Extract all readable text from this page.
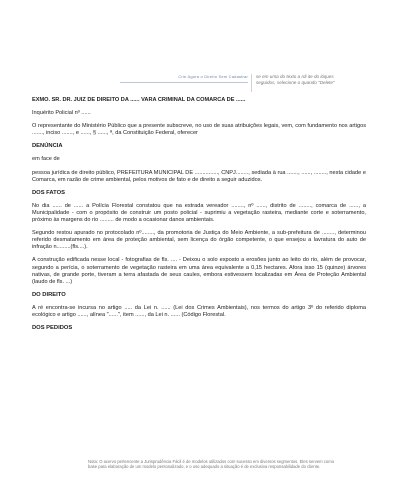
Crie Agora o Direito Sem Cadastrar	se em uma do texto a rdi ite do itiques seguidos, selecione o quando "Delete"

EXMO. SR. DR. JUIZ DE DIREITO DA ...... VARA CRIMINAL DA COMARCA DE ......

Inquérito Policial nº ......

O representante do Ministério Público que a presente subscreve, no uso de suas atribuições legais, vem, com fundamento nos artigos ......., inciso ......., e ......, § ......, ª, da Constituição Federal, oferecer

DENÚNCIA

em face de

pessoa jurídica de direito público, PREFEITURA MUNICIPAL DE ..............., CNPJ........, sediada à rua ......., ......, ........, nesta cidade e Comarca, em razão de crime ambiental, pelos motivos de fato e de direito a seguir aduzidos.

DOS FATOS

No dia ...... de ...... a Polícia Florestal constatou que na estrada vereador ........, nº ......, distrito de ........, comarca de ......, a Municipalidade - com o propósito de construir um posto policial - suprimiu a vegetação rasteira, mediante corte e soterramento, próximo às margens do rio ......... de modo a ocasionar danos ambientais.

Segundo restou apurado no protocolado nº........, da promotoria de Justiça do Meio Ambiente, a sub-prefeitura de ........, determinou referido desmatamento em área de proteção ambiental, sem licença do órgão competente, o que ensejou a lavratura do auto de infração n.........(fls....).

A construção edificada nesse local - fotografias de fls. .... - Deixou o solo exposto a erosões junto ao leito do rio, além de provocar, segundo a perícia, o soterramento de vegetação rasteira em uma área equivalente a 0,15 hectares. Afora isso 15 (quinze) árvores nativas, de grande porte, tiveram a terra afastada de seus caules, embora estivessem localizadas em Área de Proteção Ambiental (laudo de fls. ...)

DO DIREITO

A ré encontra-se incursa no artigo ..... da Lei n. ...... (Lei dos Crimes Ambientais), nos termos do artigo 3º do referido diploma ecológico e artigo ......, alínea "......", item ......, da Lei n. ...... (Código Florestal.

DOS PEDIDOS

Nota: O acervo pertencente a Jurisprudência Fácil é de modelos utilizados com sucesso em diversos segmentos. Eles servem como base para elaboração de um modelo personalizado, e o uso adequado a situação é de exclusiva responsabilidade do cliente.
